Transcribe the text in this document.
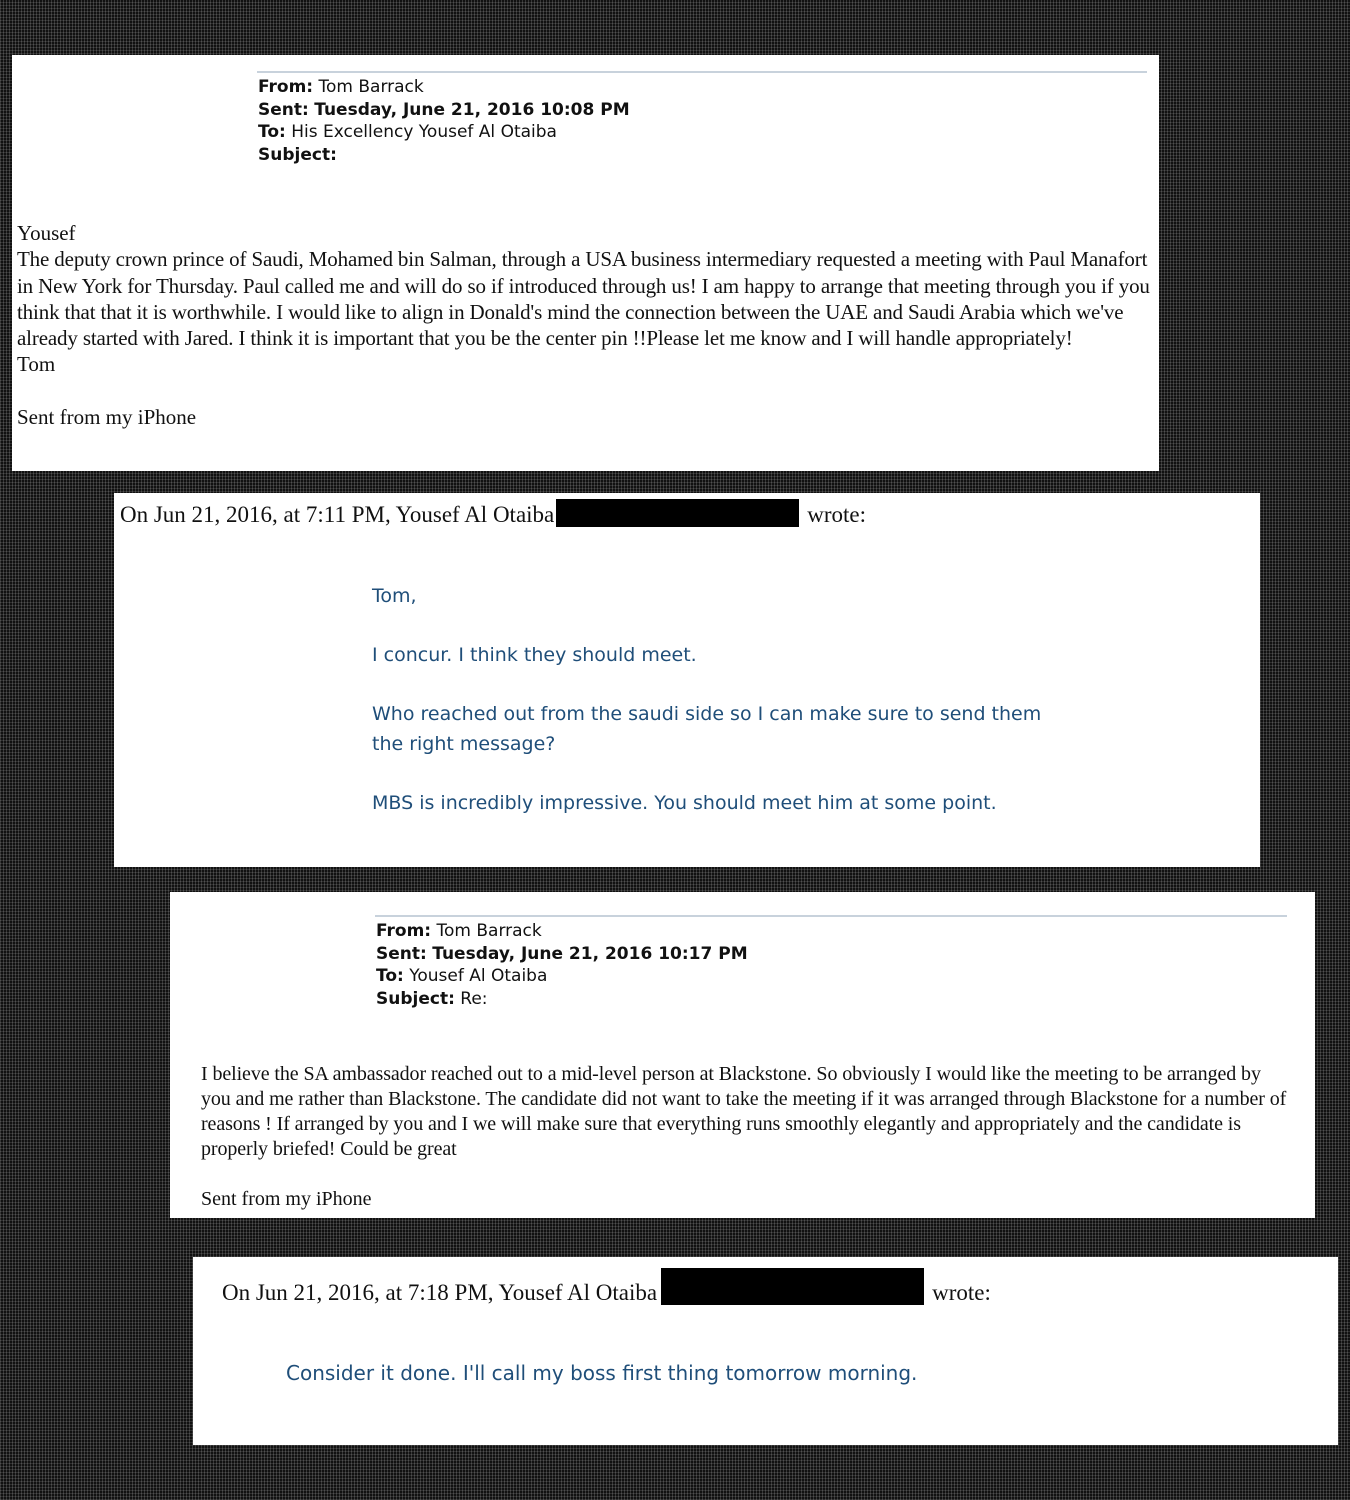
From: Tom Barrack
Sent: Tuesday, June 21, 2016 10:08 PM
To: His Excellency Yousef Al Otaiba
Subject:

Yousef

The deputy crown prince of Saudi, Mohamed bin Salman, through a USA business intermediary requested a meeting with Paul Manafort in New York for Thursday. Paul called me and will do so if introduced through us! I am happy to arrange that meeting through you if you think that that it is worthwhile. I would like to align in Donald's mind the connection between the UAE and Saudi Arabia which we've already started with Jared. I think it is important that you be the center pin !!Please let me know and I will handle appropriately!

Tom

Sent from my iPhone

On Jun 21, 2016, at 7:11 PM, Yousef Al Otaiba	wrote:

Tom,

I concur. I think they should meet.

Who reached out from the saudi side so I can make sure to send them

the right message?

MBS is incredibly impressive. You should meet him at some point.

From: Tom Barrack
Sent: Tuesday, June 21, 2016 10:17 PM
To: Yousef Al Otaiba
Subject: Re:

I believe the SA ambassador reached out to a mid-level person at Blackstone. So obviously I would like the meeting to be arranged by you and me rather than Blackstone. The candidate did not want to take the meeting if it was arranged through Blackstone for a number of reasons ! If arranged by you and I we will make sure that everything runs smoothly elegantly and appropriately and the candidate is properly briefed! Could be great

Sent from my iPhone

On Jun 21, 2016, at 7:18 PM, Yousef Al Otaiba	wrote:

Consider it done. I'll call my boss first thing tomorrow morning.
